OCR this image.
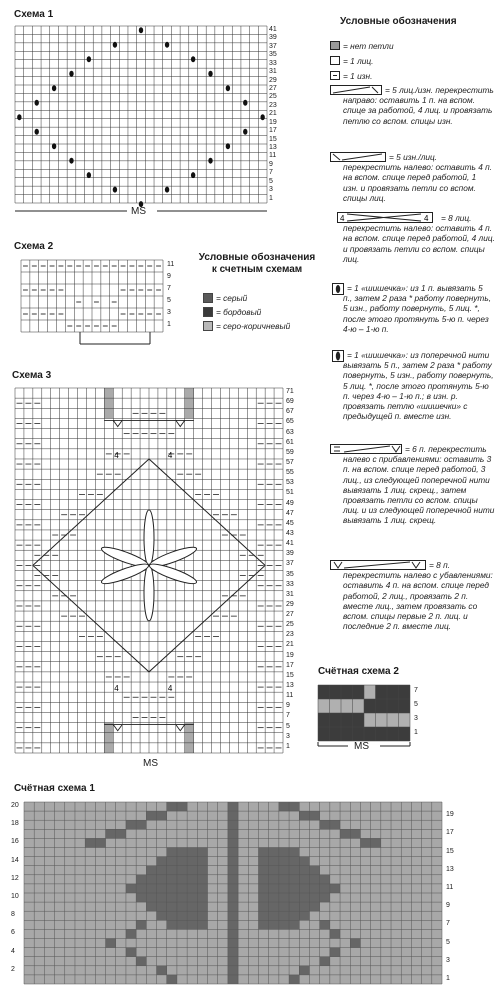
Схема 1
41
39
37
35
33
31
29
27
25
23
21
19
17
15
13
11
9
7
5
3
1
MS
Схема 2
11
9
7
5
3
1
Условные обозначения к счетным схемам
= серый
= бордовый
= серо-коричневый
Схема 3
4	4
4	4
71
69
67
65
63
61
59
57
55
53
51
49
47
45
43
41
39
37
35
33
31
29
27
25
23
21
19
17
15
13
11
9
7
5
3
1
MS
Счётная схема 2
7
5
3
1
MS
Счётная схема 1
20
18
16
14
12
10
8
6
4
2
19
17
15
13
11
9
7
5
3
1
Условные обозначения
= нет петли
= 1 лиц.
= 1 изн.
= 5 лиц./изн. перекрестить направо: оставить 1 п. на вспом. спице за работой, 4 лиц. и провязать петлю со вспом. спицы изн.
= 5 изн./лиц. перекрестить налево: оставить 4 п. на вспом. спице перед работой, 1 изн. и провязать петли со вспом. спицы лиц.
4	4	= 8 лиц. перекрестить налево: оставить 4 п. на вспом. спице перед работой, 4 лиц. и провязать петли со вспом. спицы лиц.
= 1 «шишечка»: из 1 п. вывязать 5 п., затем 2 раза * работу повернуть, 5 изн., работу повернуть, 5 лиц. *, после этого протянуть 5-ю п. через 4-ю – 1-ю п.
= 1 «шишечка»: из поперечной нити вывязать 5 п., затем 2 раза * работу повернуть, 5 изн., работу повернуть, 5 лиц. *, после этого протянуть 5-ю п. через 4-ю – 1-ю п.; в изн. р. провязать петлю «шишечки» с предыдущей п. вместе изн.
= 6 п. перекрестить налево с прибавлениями: оставить 3 п. на вспом. спице перед работой, 3 лиц., из следующей поперечной нити вывязать 1 лиц. скрещ., затем провязать петли со вспом. спицы лиц. и из следующей поперечной нити вывязать 1 лиц. скрещ.
= 8 п. перекрестить налево с убавлениями: оставить 4 п. на вспом. спице перед работой, 2 лиц., провязать 2 п. вместе лиц., затем провязать со вспом. спицы первые 2 п. лиц. и последние 2 п. вместе лиц.
